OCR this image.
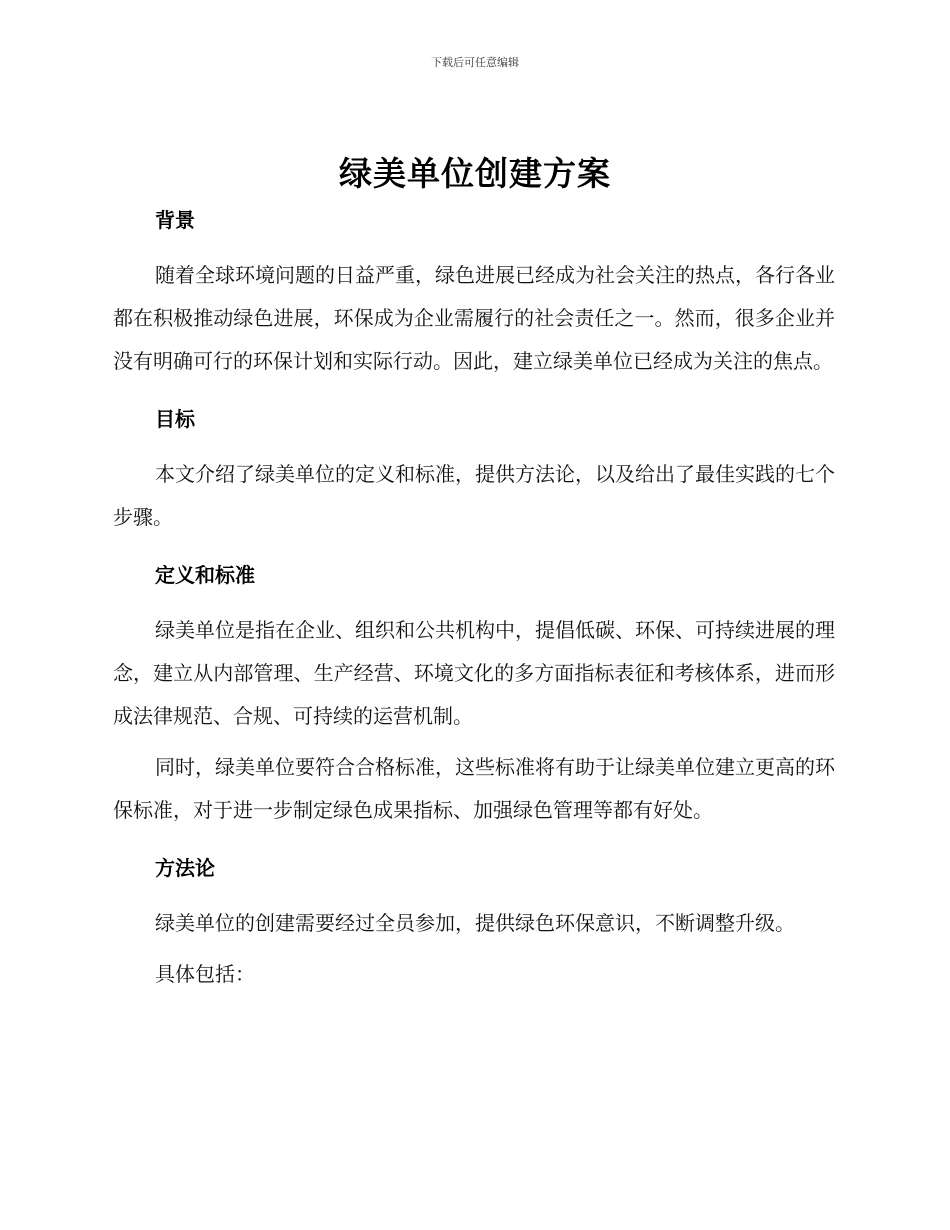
下载后可任意编辑
绿美单位创建方案
背景

随着全球环境问题的日益严重，绿色进展已经成为社会关注的热点，各行各业都在积极推动绿色进展，环保成为企业需履行的社会责任之一。然而，很多企业并没有明确可行的环保计划和实际行动。因此，建立绿美单位已经成为关注的焦点。

目标

本文介绍了绿美单位的定义和标准，提供方法论，以及给出了最佳实践的七个步骤。

定义和标准

绿美单位是指在企业、组织和公共机构中，提倡低碳、环保、可持续进展的理念，建立从内部管理、生产经营、环境文化的多方面指标表征和考核体系，进而形成法律规范、合规、可持续的运营机制。

同时，绿美单位要符合合格标准，这些标准将有助于让绿美单位建立更高的环保标准，对于进一步制定绿色成果指标、加强绿色管理等都有好处。

方法论

绿美单位的创建需要经过全员参加，提供绿色环保意识，不断调整升级。

具体包括：
